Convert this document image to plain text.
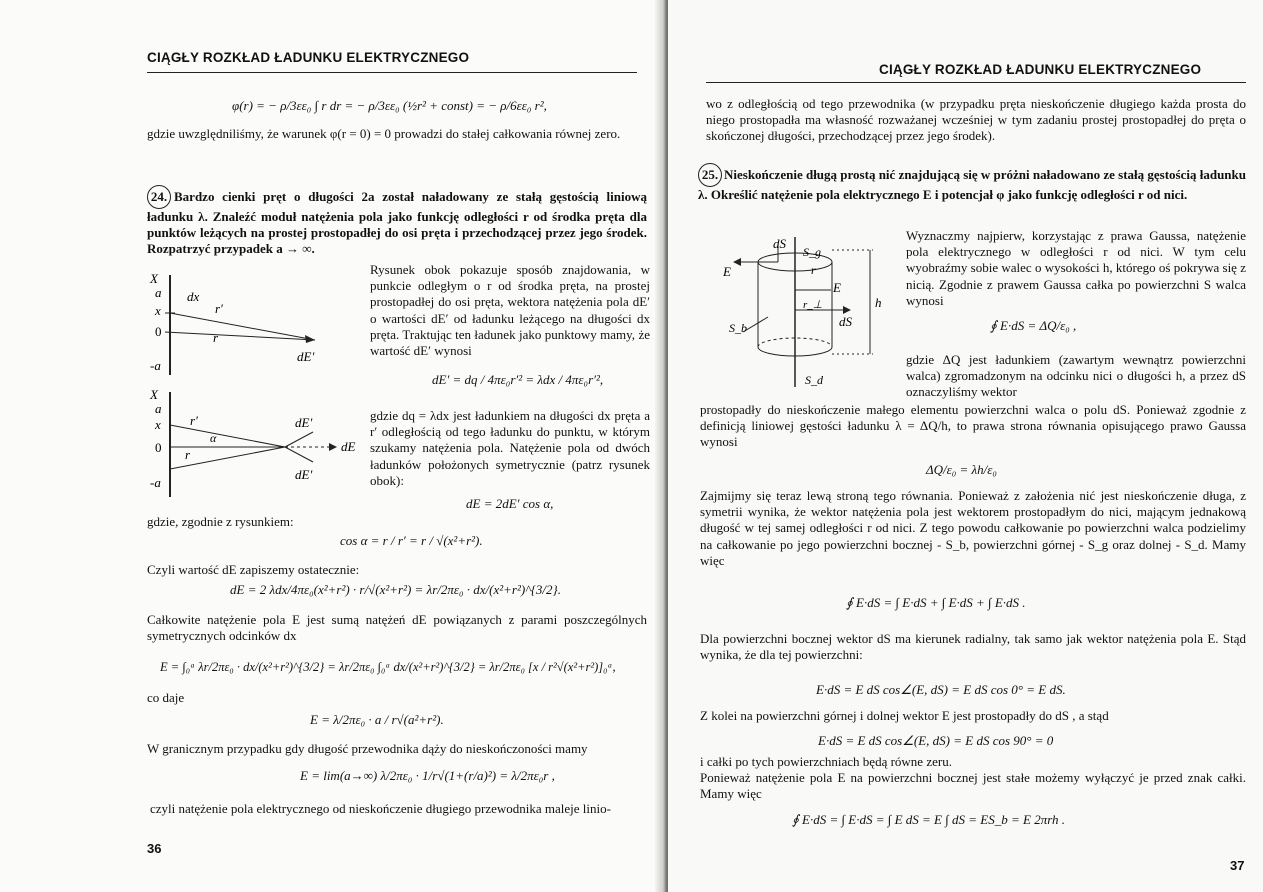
CIĄGŁY ROZKŁAD ŁADUNKU ELEKTRYCZNEGO
φ(r) = − ρ/3εε₀ ∫ r dr = − ρ/3εε₀ (½r² + const) = − ρ/6εε₀ r²,
gdzie uwzględniliśmy, że warunek φ(r = 0) = 0 prowadzi do stałej całkowania równej zero.
24. Bardzo cienki pręt o długości 2a został naładowany ze stałą gęstością liniową ładunku λ. Znaleźć moduł natężenia pola jako funkcję odległości r od środka pręta dla punktów leżących na prostej prostopadłej do osi pręta i przechodzącej przez jego środek. Rozpatrzyć przypadek a → ∞.
X
a
x
0
-a
dx
r′
r
dE′
X
a
x
0
-a
r′
α
r
dE′
dE′
dE
Rysunek obok pokazuje sposób znajdowania, w punkcie odległym o r od środka pręta, na prostej prostopadłej do osi pręta, wektora natężenia pola dE′ o wartości dE′ od ładunku leżącego na długości dx pręta. Traktując ten ładunek jako punktowy mamy, że wartość dE′ wynosi
dE′ = dq / 4πε₀r′² = λdx / 4πε₀r′²,
gdzie dq = λdx jest ładunkiem na długości dx pręta a r′ odległością od tego ładunku do punktu, w którym szukamy natężenia pola. Natężenie pola od dwóch ładunków położonych symetrycznie (patrz rysunek obok):
dE = 2dE′ cos α,
gdzie, zgodnie z rysunkiem:
cos α = r / r′ = r / √(x²+r²).
Czyli wartość dE zapiszemy ostatecznie:
dE = 2 λdx/4πε₀(x²+r²) · r/√(x²+r²) = λr/2πε₀ · dx/(x²+r²)^{3/2}.
Całkowite natężenie pola E jest sumą natężeń dE powiązanych z parami poszczególnych symetrycznych odcinków dx
E = ∫₀ᵃ λr/2πε₀ · dx/(x²+r²)^{3/2} = λr/2πε₀ ∫₀ᵃ dx/(x²+r²)^{3/2} = λr/2πε₀ [x / r²√(x²+r²)]₀ᵃ,
co daje
E = λ/2πε₀ · a / r√(a²+r²).
W granicznym przypadku gdy długość przewodnika dąży do nieskończoności mamy
E = lim(a→∞) λ/2πε₀ · 1/r√(1+(r/a)²) = λ/2πε₀r ,
czyli natężenie pola elektrycznego od nieskończenie długiego przewodnika maleje linio-
36
CIĄGŁY ROZKŁAD ŁADUNKU ELEKTRYCZNEGO
wo z odległością od tego przewodnika (w przypadku pręta nieskończenie długiego każda prosta do niego prostopadła ma własność rozważanej wcześniej w tym zadaniu prostej prostopadłej do pręta o skończonej długości, przechodzącej przez jego środek).
25. Nieskończenie długą prostą nić znajdującą się w próżni naładowano ze stałą gęstością ładunku λ. Określić natężenie pola elektrycznego E i potencjał φ jako funkcję odległości r od nici.
dS
S_g
E	r
E
r_⊥
dS
h
S_b
S_d
Wyznaczmy najpierw, korzystając z prawa Gaussa, natężenie pola elektrycznego w odległości r od nici. W tym celu wyobraźmy sobie walec o wysokości h, którego oś pokrywa się z nicią. Zgodnie z prawem Gaussa całka po powierzchni S walca wynosi
∮ E·dS = ΔQ/ε₀ ,
gdzie ΔQ jest ładunkiem (zawartym wewnątrz powierzchni walca) zgromadzonym na odcinku nici o długości h, a przez dS oznaczyliśmy wektor
prostopadły do nieskończenie małego elementu powierzchni walca o polu dS. Ponieważ zgodnie z definicją liniowej gęstości ładunku λ = ΔQ/h, to prawa strona równania opisującego prawo Gaussa wynosi
ΔQ/ε₀ = λh/ε₀
Zajmijmy się teraz lewą stroną tego równania. Ponieważ z założenia nić jest nieskończenie długa, z symetrii wynika, że wektor natężenia pola jest wektorem prostopadłym do nici, mającym jednakową długość w tej samej odległości r od nici. Z tego powodu całkowanie po powierzchni walca podzielimy na całkowanie po jego powierzchni bocznej - S_b, powierzchni górnej - S_g oraz dolnej - S_d. Mamy więc
∮ E·dS = ∫ E·dS + ∫ E·dS + ∫ E·dS .
Dla powierzchni bocznej wektor dS ma kierunek radialny, tak samo jak wektor natężenia pola E. Stąd wynika, że dla tej powierzchni:
E·dS = E dS cos∠(E, dS) = E dS cos 0° = E dS.
Z kolei na powierzchni górnej i dolnej wektor E jest prostopadły do dS , a stąd
E·dS = E dS cos∠(E, dS) = E dS cos 90° = 0
i całki po tych powierzchniach będą równe zeru.
Ponieważ natężenie pola E na powierzchni bocznej jest stałe możemy wyłączyć je przed znak całki. Mamy więc
∮ E·dS = ∫ E·dS = ∫ E dS = E ∫ dS = ES_b = E 2πrh .
37
